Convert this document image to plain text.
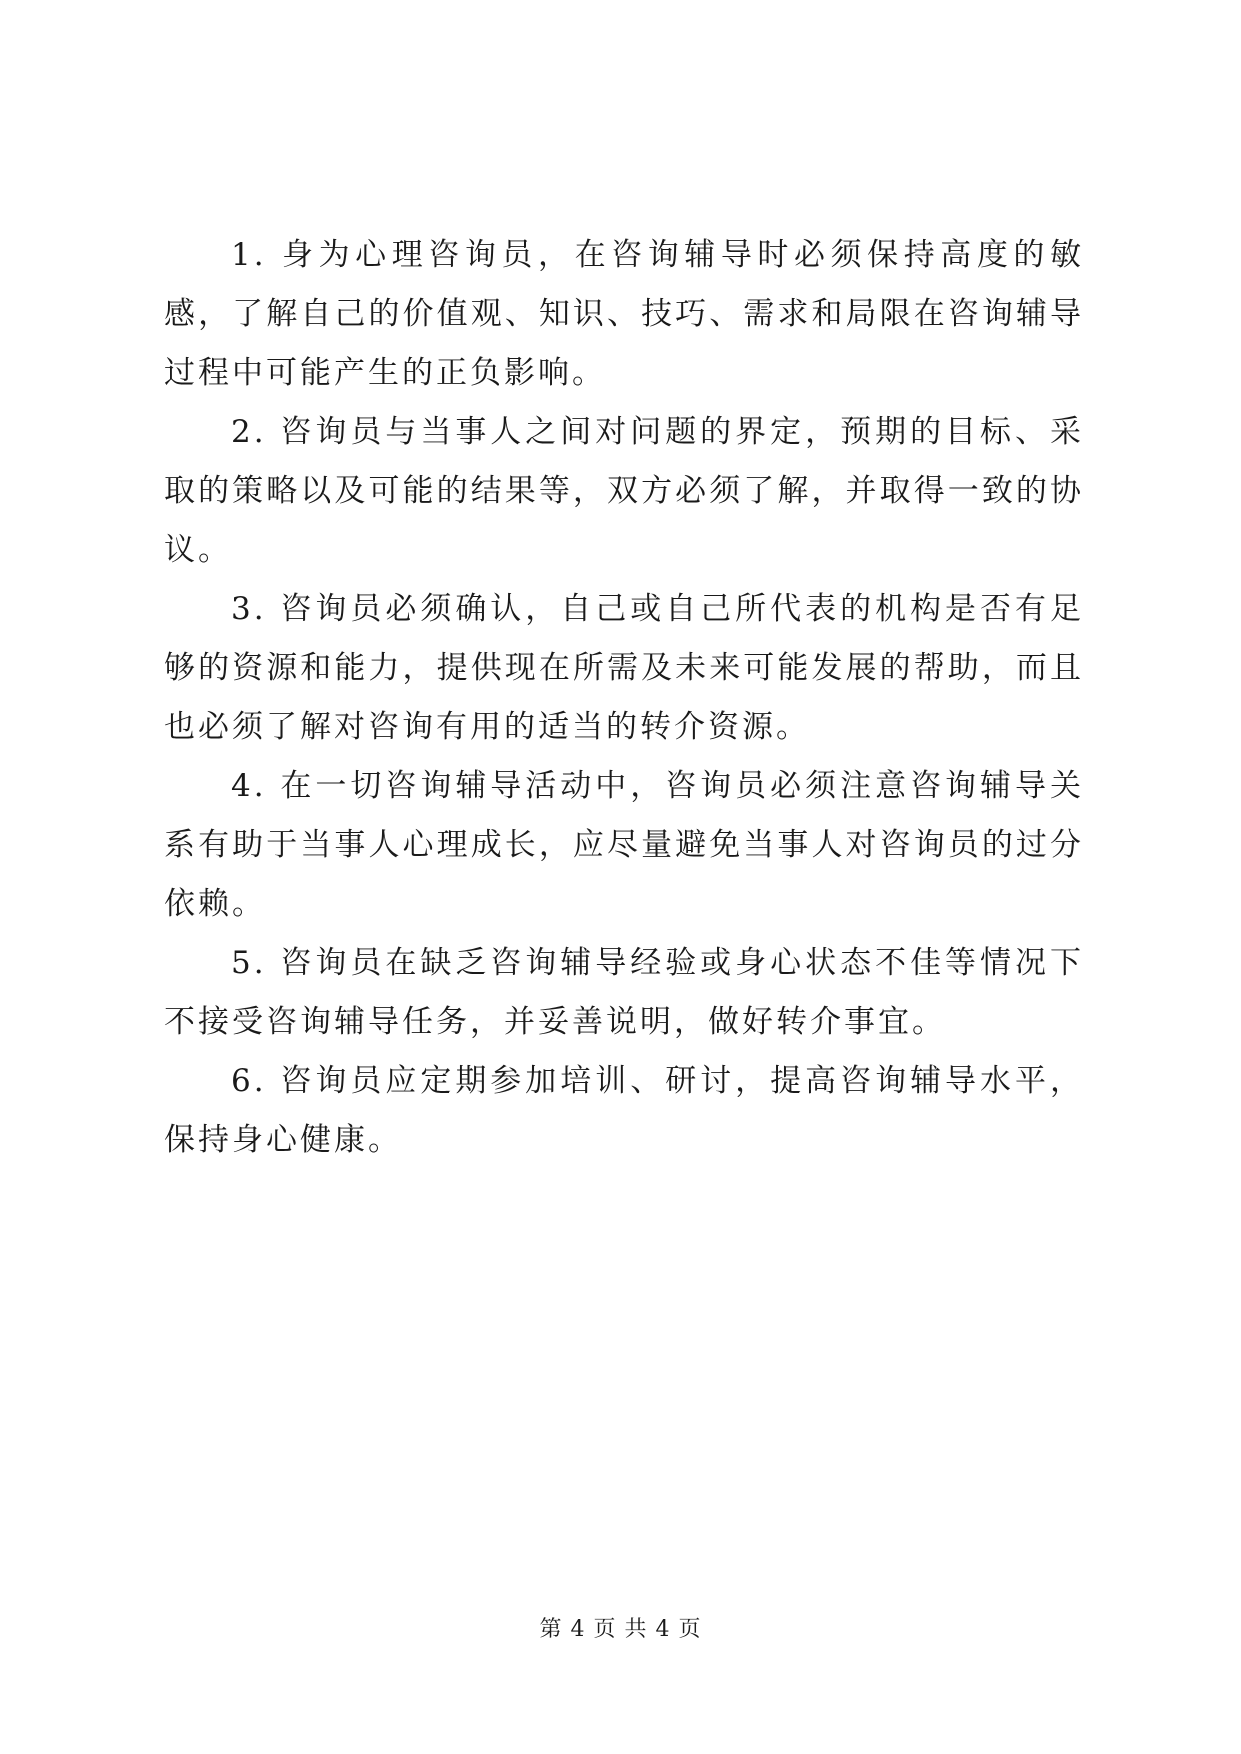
1. 身为心理咨询员，在咨询辅导时必须保持高度的敏感，了解自己的价值观、知识、技巧、需求和局限在咨询辅导过程中可能产生的正负影响。

2. 咨询员与当事人之间对问题的界定，预期的目标、采取的策略以及可能的结果等，双方必须了解，并取得一致的协议。

3. 咨询员必须确认，自己或自己所代表的机构是否有足够的资源和能力，提供现在所需及未来可能发展的帮助，而且也必须了解对咨询有用的适当的转介资源。

4. 在一切咨询辅导活动中，咨询员必须注意咨询辅导关系有助于当事人心理成长，应尽量避免当事人对咨询员的过分依赖。

5. 咨询员在缺乏咨询辅导经验或身心状态不佳等情况下不接受咨询辅导任务，并妥善说明，做好转介事宜。

6. 咨询员应定期参加培训、研讨，提高咨询辅导水平，保持身心健康。

第 4 页 共 4 页
